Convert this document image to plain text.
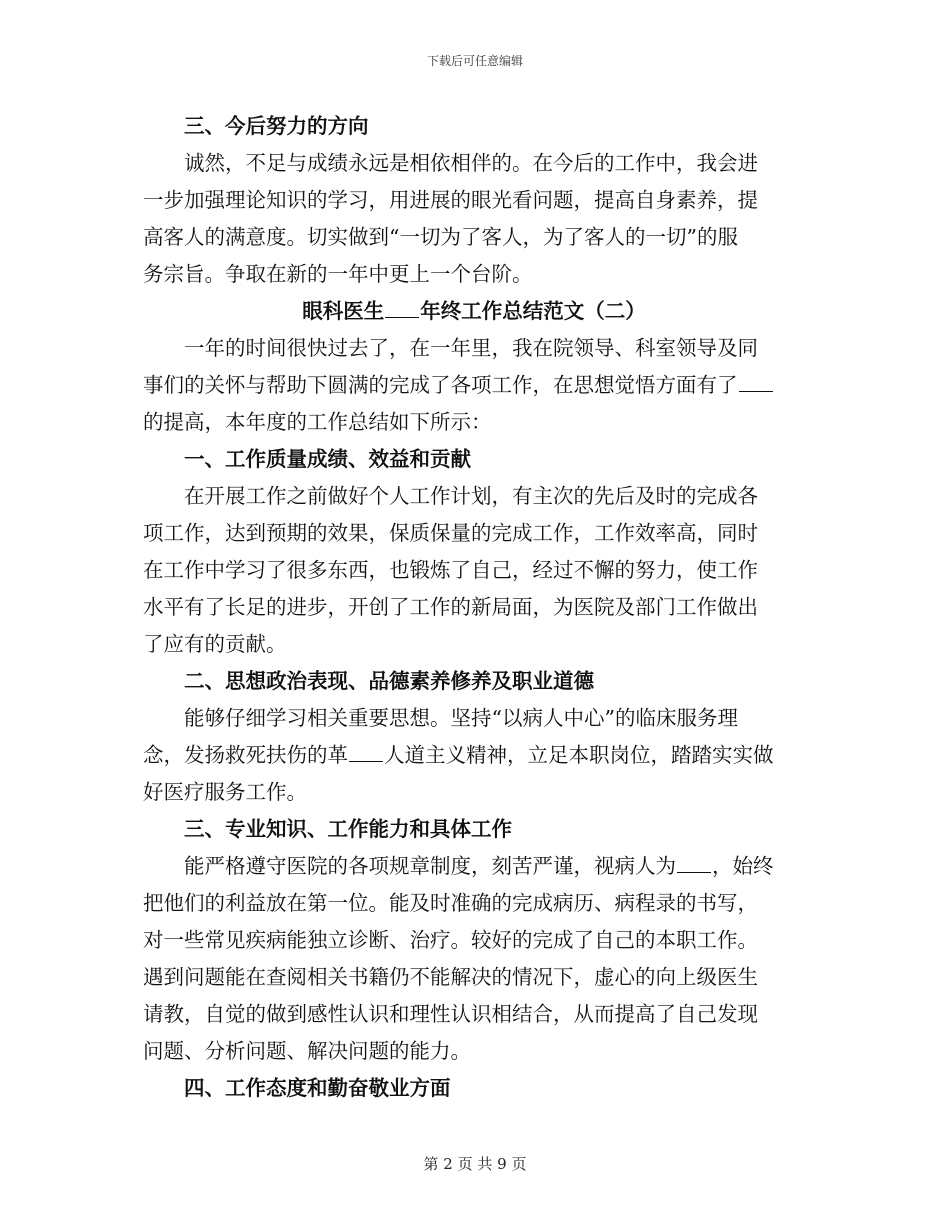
下载后可任意编辑
三、今后努力的方向
诚然，不足与成绩永远是相依相伴的。在今后的工作中，我会进
一步加强理论知识的学习，用进展的眼光看问题，提高自身素养，提
高客人的满意度。切实做到“一切为了客人，为了客人的一切”的服
务宗旨。争取在新的一年中更上一个台阶。
眼科医生 年终工作总结范文（二）
一年的时间很快过去了，在一年里，我在院领导、科室领导及同
事们的关怀与帮助下圆满的完成了各项工作，在思想觉悟方面有了
的提高，本年度的工作总结如下所示：
一、工作质量成绩、效益和贡献
在开展工作之前做好个人工作计划，有主次的先后及时的完成各
项工作，达到预期的效果，保质保量的完成工作，工作效率高，同时
在工作中学习了很多东西，也锻炼了自己，经过不懈的努力，使工作
水平有了长足的进步，开创了工作的新局面，为医院及部门工作做出
了应有的贡献。
二、思想政治表现、品德素养修养及职业道德
能够仔细学习相关重要思想。坚持“以病人中心”的临床服务理
念，发扬救死扶伤的革 人道主义精神，立足本职岗位，踏踏实实做
好医疗服务工作。
三、专业知识、工作能力和具体工作
能严格遵守医院的各项规章制度，刻苦严谨，视病人为 ，始终
把他们的利益放在第一位。能及时准确的完成病历、病程录的书写，
对一些常见疾病能独立诊断、治疗。较好的完成了自己的本职工作。
遇到问题能在查阅相关书籍仍不能解决的情况下，虚心的向上级医生
请教，自觉的做到感性认识和理性认识相结合，从而提高了自己发现
问题、分析问题、解决问题的能力。
四、工作态度和勤奋敬业方面
第 2 页 共 9 页
